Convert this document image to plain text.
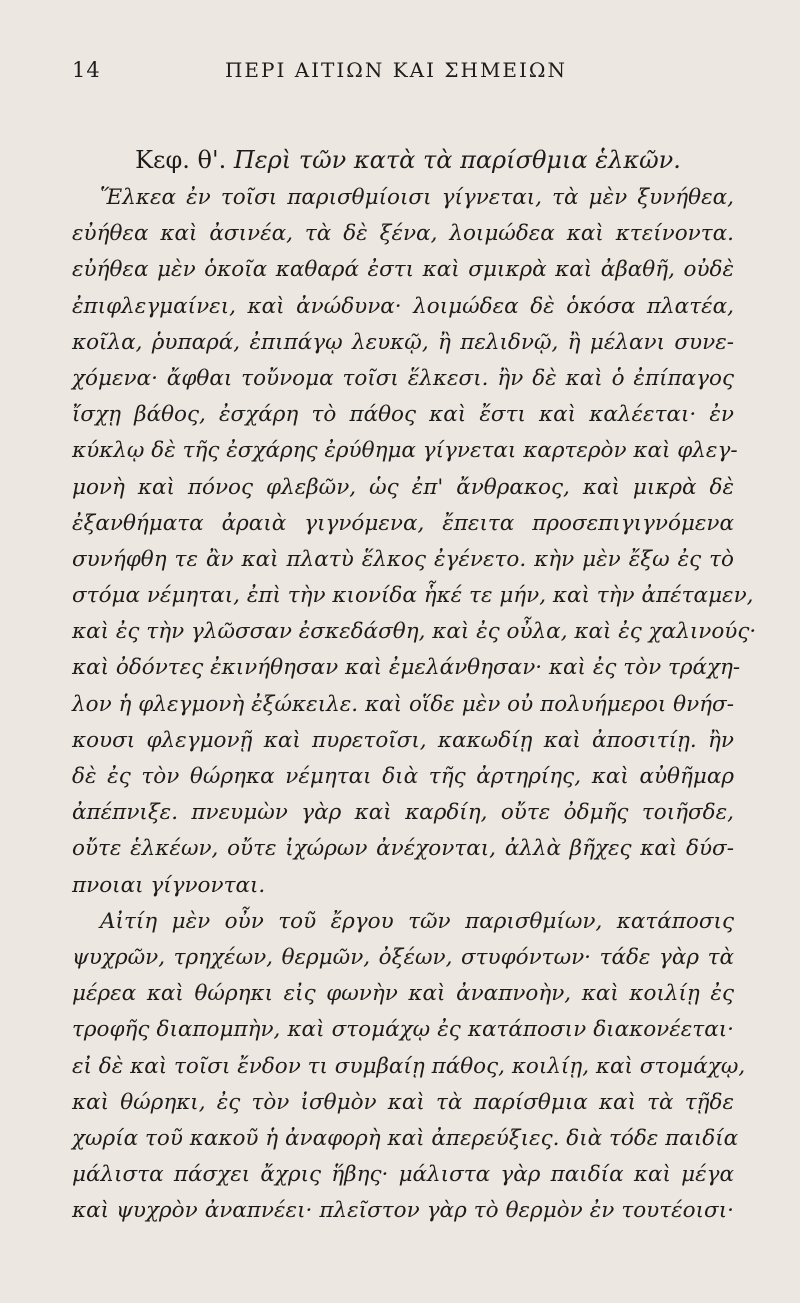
14	ΠΕΡΙ ΑΙΤΙΩΝ ΚΑΙ ΣΗΜΕΙΩΝ
Κεφ. θ'. Περὶ τῶν κατὰ τὰ παρίσθμια ἑλκῶν.
Ἕλκεα ἐν τοῖσι παρισθμίοισι γίγνεται, τὰ μὲν ξυνήθεα,
εὐήθεα καὶ ἀσινέα, τὰ δὲ ξένα, λοιμώδεα καὶ κτείνοντα.
εὐήθεα μὲν ὁκοῖα καθαρά ἐστι καὶ σμικρὰ καὶ ἀβαθῆ, οὐδὲ
ἐπιφλεγμαίνει, καὶ ἀνώδυνα· λοιμώδεα δὲ ὁκόσα πλατέα,
κοῖλα, ῥυπαρά, ἐπιπάγῳ λευκῷ, ἢ πελιδνῷ, ἢ μέλανι συνε-
χόμενα· ἄφθαι τοὔνομα τοῖσι ἕλκεσι. ἢν δὲ καὶ ὁ ἐπίπαγος
ἴσχῃ βάθος, ἐσχάρη τὸ πάθος καὶ ἔστι καὶ καλέεται· ἐν
κύκλῳ δὲ τῆς ἐσχάρης ἐρύθημα γίγνεται καρτερὸν καὶ φλεγ-
μονὴ καὶ πόνος φλεβῶν, ὡς ἐπ' ἄνθρακος, καὶ μικρὰ δὲ
ἐξανθήματα ἀραιὰ γιγνόμενα, ἔπειτα προσεπιγιγνόμενα
συνήφθη τε ἂν καὶ πλατὺ ἕλκος ἐγένετο. κὴν μὲν ἔξω ἐς τὸ
στόμα νέμηται, ἐπὶ τὴν κιονίδα ἧκέ τε μήν, καὶ τὴν ἀπέταμεν,
καὶ ἐς τὴν γλῶσσαν ἐσκεδάσθη, καὶ ἐς οὖλα, καὶ ἐς χαλινούς·
καὶ ὀδόντες ἐκινήθησαν καὶ ἐμελάνθησαν· καὶ ἐς τὸν τράχη-
λον ἡ φλεγμονὴ ἐξώκειλε. καὶ οἵδε μὲν οὐ πολυήμεροι θνήσ-
κουσι φλεγμονῇ καὶ πυρετοῖσι, κακωδίῃ καὶ ἀποσιτίῃ. ἢν
δὲ ἐς τὸν θώρηκα νέμηται διὰ τῆς ἀρτηρίης, καὶ αὐθῆμαρ
ἀπέπνιξε. πνευμὼν γὰρ καὶ καρδίη, οὔτε ὀδμῆς τοιῆσδε,
οὔτε ἑλκέων, οὔτε ἰχώρων ἀνέχονται, ἀλλὰ βῆχες καὶ δύσ-
πνοιαι γίγνονται.
Αἰτίη μὲν οὖν τοῦ ἔργου τῶν παρισθμίων, κατάποσις
ψυχρῶν, τρηχέων, θερμῶν, ὀξέων, στυφόντων· τάδε γὰρ τὰ
μέρεα καὶ θώρηκι εἰς φωνὴν καὶ ἀναπνοὴν, καὶ κοιλίῃ ἐς
τροφῆς διαπομπὴν, καὶ στομάχῳ ἐς κατάποσιν διακονέεται·
εἰ δὲ καὶ τοῖσι ἔνδον τι συμβαίῃ πάθος, κοιλίῃ, καὶ στομάχῳ,
καὶ θώρηκι, ἐς τὸν ἰσθμὸν καὶ τὰ παρίσθμια καὶ τὰ τῇδε
χωρία τοῦ κακοῦ ἡ ἀναφορὴ καὶ ἀπερεύξιες. διὰ τόδε παιδία
μάλιστα πάσχει ἄχρις ἥβης· μάλιστα γὰρ παιδία καὶ μέγα
καὶ ψυχρὸν ἀναπνέει· πλεῖστον γὰρ τὸ θερμὸν ἐν τουτέοισι·
